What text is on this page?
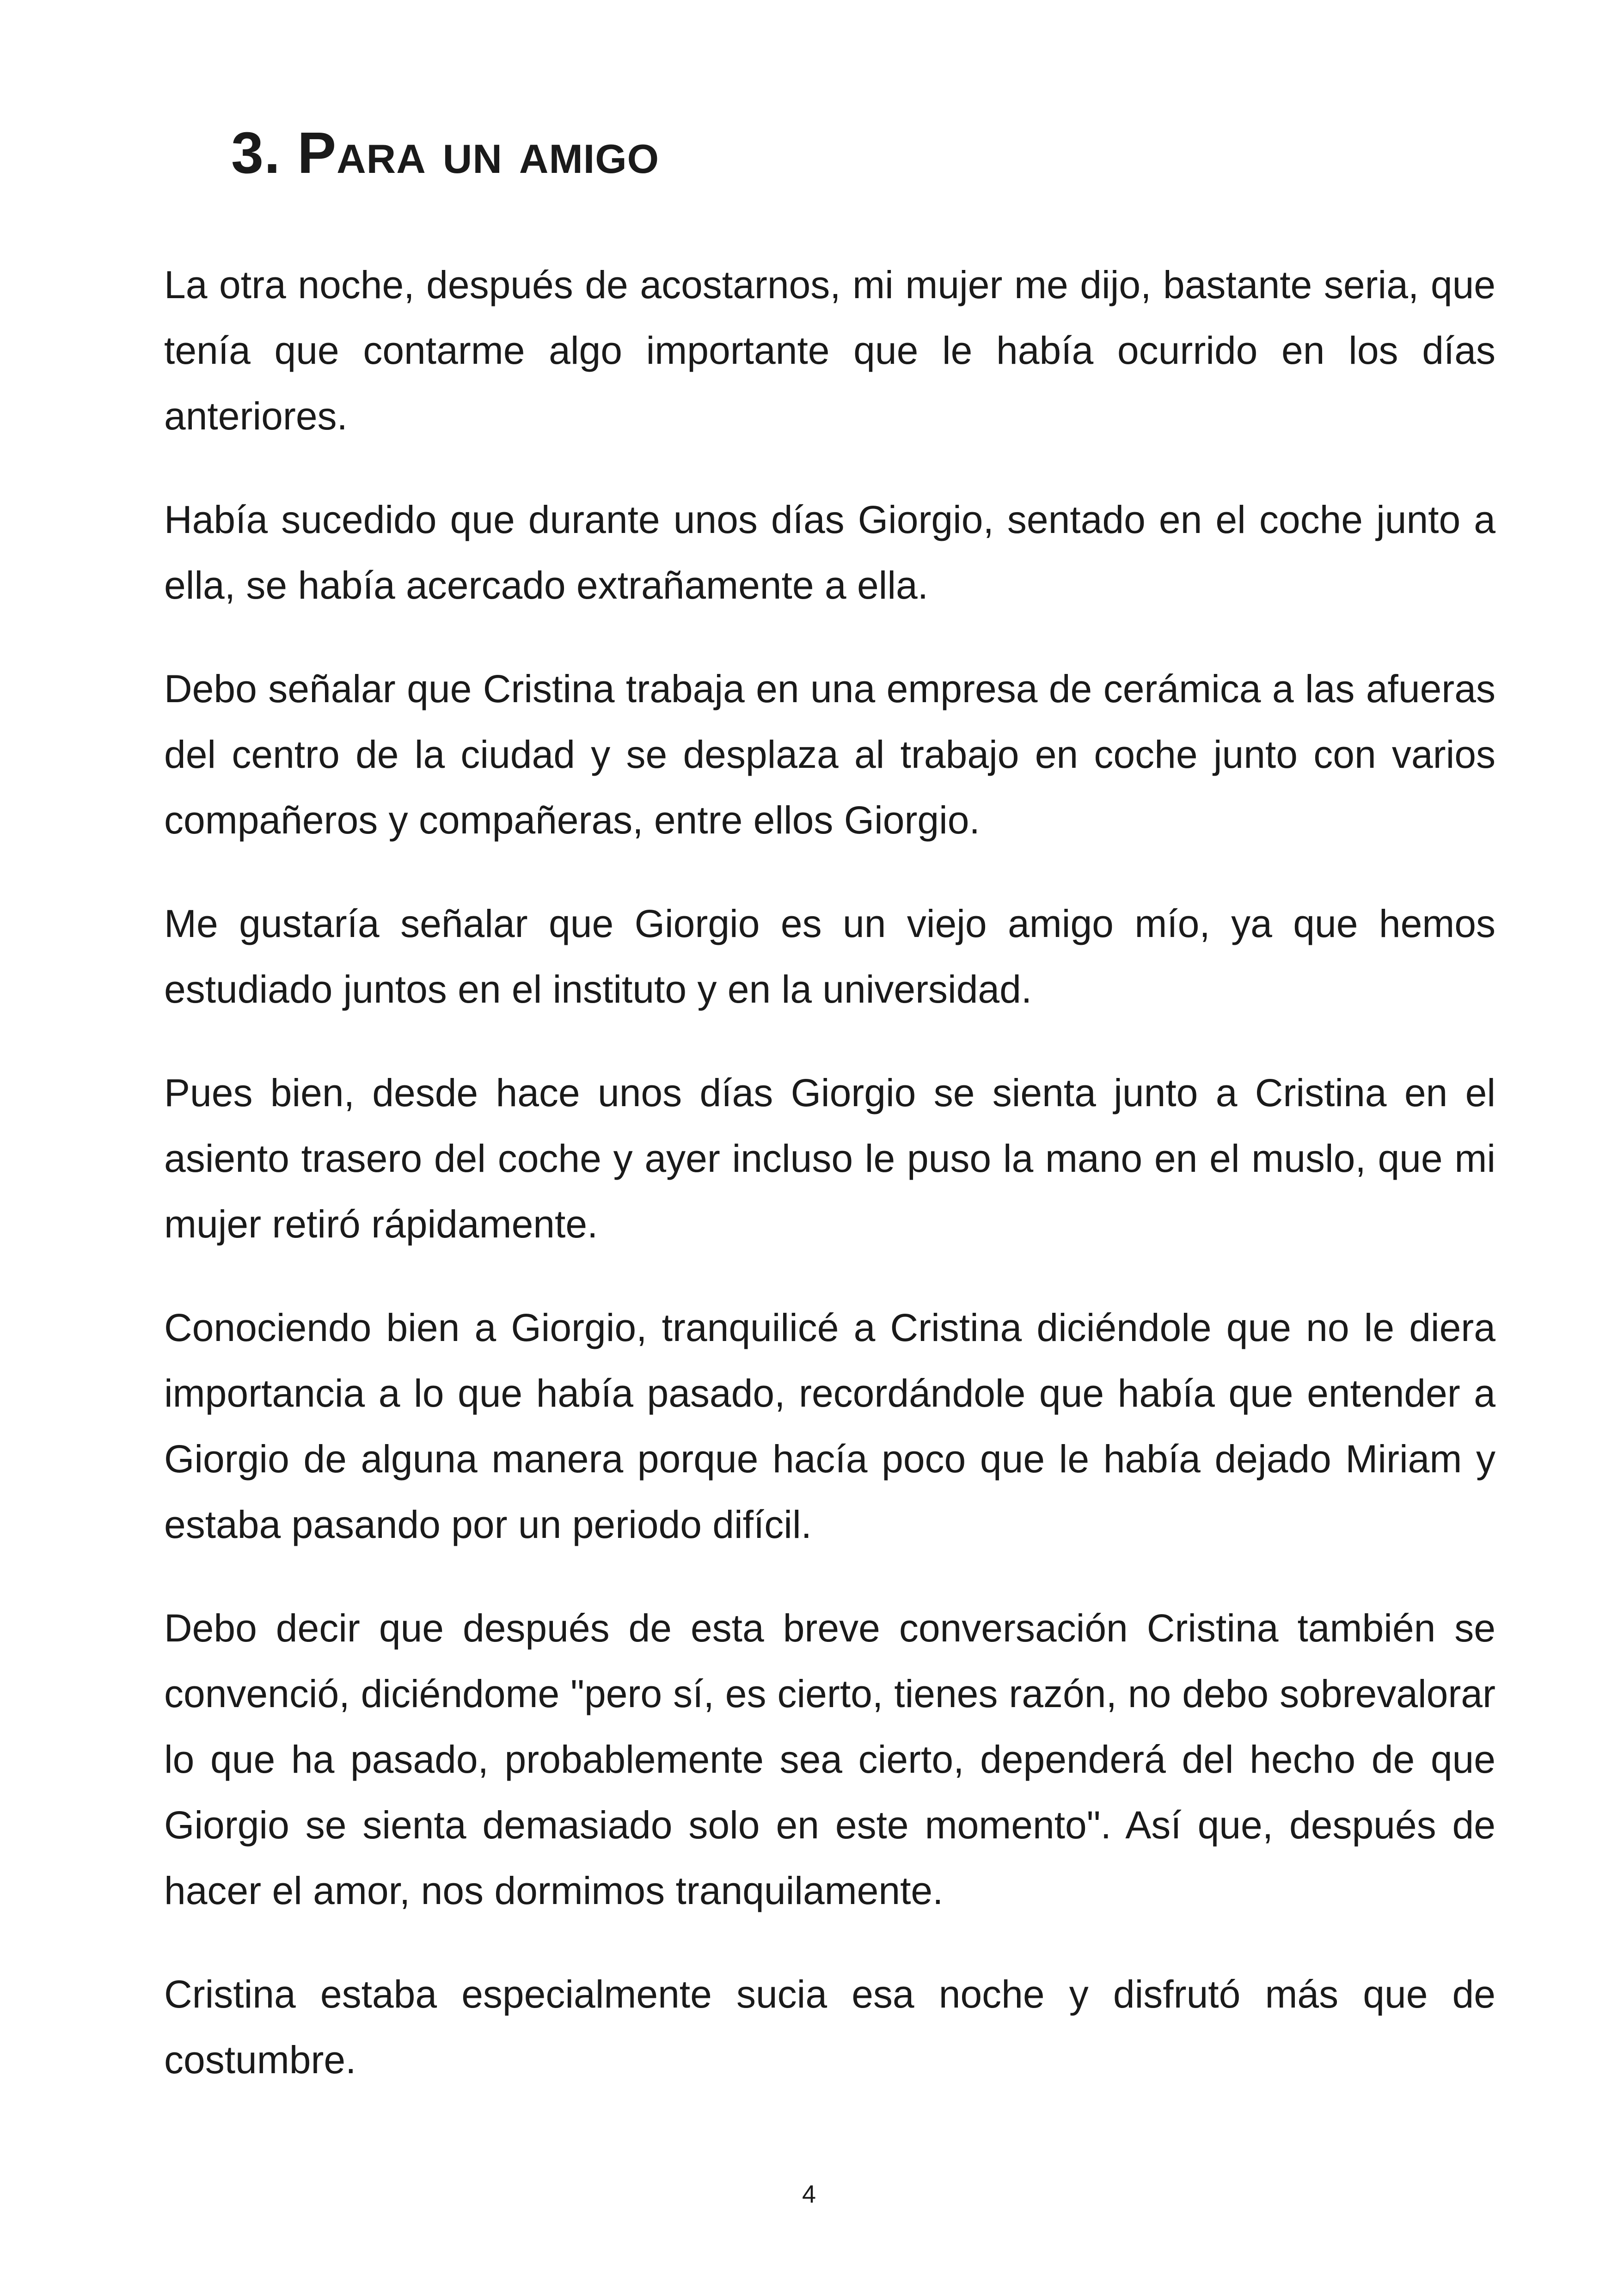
3. Para un amigo

La otra noche, después de acostarnos, mi mujer me dijo, bastante seria, que tenía que contarme algo importante que le había ocurrido en los días anteriores.

Había sucedido que durante unos días Giorgio, sentado en el coche junto a ella, se había acercado extrañamente a ella.

Debo señalar que Cristina trabaja en una empresa de cerámica a las afueras del centro de la ciudad y se desplaza al trabajo en coche junto con varios compañeros y compañeras, entre ellos Giorgio.

Me gustaría señalar que Giorgio es un viejo amigo mío, ya que hemos estudiado juntos en el instituto y en la universidad.

Pues bien, desde hace unos días Giorgio se sienta junto a Cristina en el asiento trasero del coche y ayer incluso le puso la mano en el muslo, que mi mujer retiró rápidamente.

Conociendo bien a Giorgio, tranquilicé a Cristina diciéndole que no le diera importancia a lo que había pasado, recordándole que había que entender a Giorgio de alguna manera porque hacía poco que le había dejado Miriam y estaba pasando por un periodo difícil.

Debo decir que después de esta breve conversación Cristina también se convenció, diciéndome "pero sí, es cierto, tienes razón, no debo sobrevalorar lo que ha pasado, probablemente sea cierto, dependerá del hecho de que Giorgio se sienta demasiado solo en este momento". Así que, después de hacer el amor, nos dormimos tranquilamente.

Cristina estaba especialmente sucia esa noche y disfrutó más que de costumbre.

4
